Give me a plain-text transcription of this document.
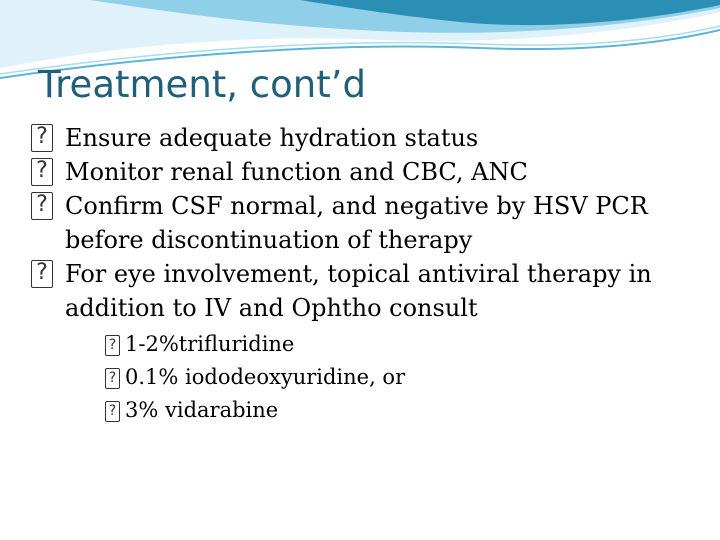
Treatment, cont’d
? Ensure adequate hydration status
? Monitor renal function and CBC, ANC
? Confirm CSF normal, and negative by HSV PCR before discontinuation of therapy
? For eye involvement, topical antiviral therapy in addition to IV and Ophtho consult
? 1-2%trifluridine
? 0.1% iododeoxyuridine, or
? 3% vidarabine
